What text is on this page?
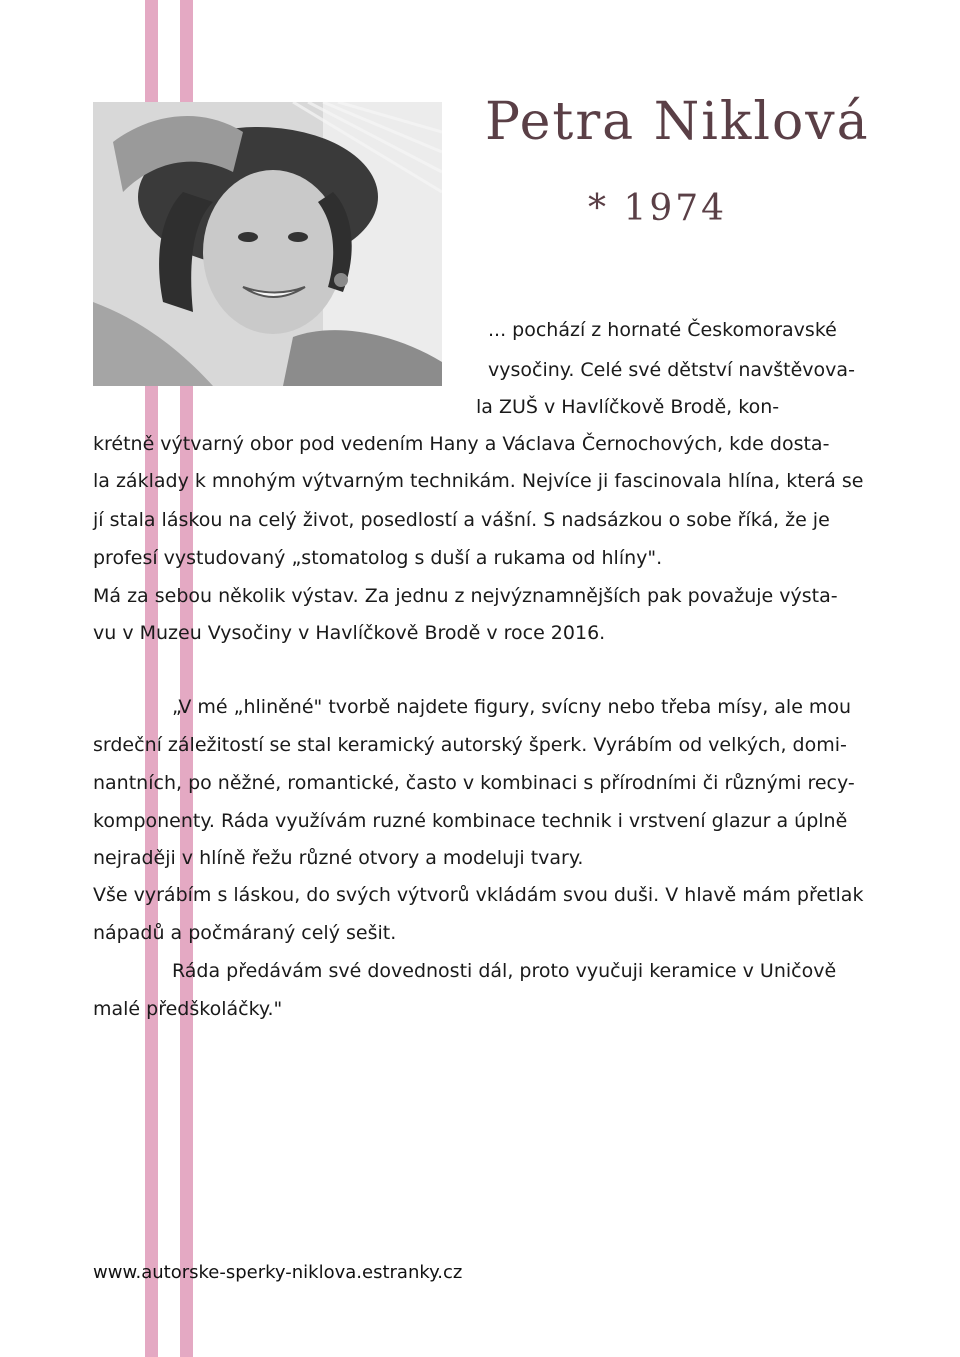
Petra Niklová
* 1974
... pochází z hornaté Českomoravské
vysočiny. Celé své dětství navštěvova-
la ZUŠ v Havlíčkově Brodě, kon-
krétně výtvarný obor pod vedením Hany a Václava Černochových, kde dosta-
la základy k mnohým výtvarným technikám. Nejvíce ji fascinovala hlína, která se
jí stala láskou na celý život, posedlostí a vášní. S nadsázkou o sobe říká, že je
profesí vystudovaný „stomatolog s duší a rukama od hlíny".
Má za sebou několik výstav. Za jednu z nejvýznamnějších pak považuje výsta-
vu v Muzeu Vysočiny v Havlíčkově Brodě v roce 2016.
„V mé „hliněné" tvorbě najdete figury, svícny nebo třeba mísy, ale mou
srdeční záležitostí se stal keramický autorský šperk. Vyrábím od velkých, domi-
nantních, po něžné, romantické, často v kombinaci s přírodními či různými recy-
komponenty. Ráda využívám ruzné kombinace technik i vrstvení glazur a úplně
nejraději v hlíně řežu různé otvory a modeluji tvary.
Vše vyrábím s láskou, do svých výtvorů vkládám svou duši. V hlavě mám přetlak
nápadů a počmáraný celý sešit.
Ráda předávám své dovednosti dál, proto vyučuji keramice v Uničově
malé předškoláčky."
www.autorske-sperky-niklova.estranky.cz
